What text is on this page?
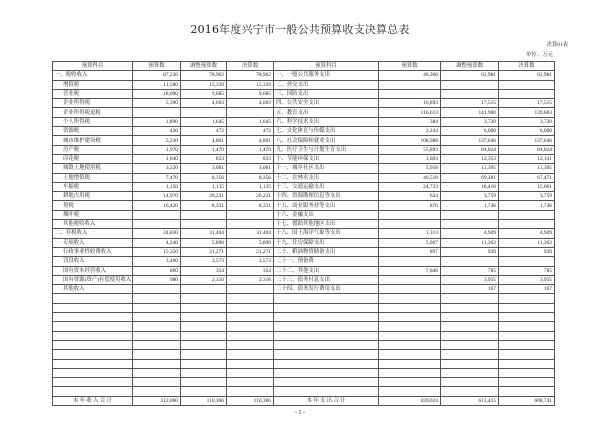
2016年度兴宁市一般公共预算收支决算总表
决算01表
单位：万元
预算科目	预算数	调整预算数	决算数	预算科目	预算数	调整预算数	决算数
一、税收收入	87,230	78,962	78,962	一、一般公共服务支出	46,306	62,981	62,981
增值税	11,580	15,339	15,339	二、外交支出			
营业税	18,090	9,685	9,685	三、国防支出			
企业所得税	5,390	4,603	4,603	四、公共安全支出	16,893	17,515	17,515
企业所得税退税				五、教育支出	116,613	141,900	139,603
个人所得税	1,890	1,645	1,645	六、科学技术支出	384	3,720	3,720
资源税	430	472	472	七、文化体育与传媒支出	2,244	6,060	6,060
城市维护建设税	5,230	4,801	4,801	八、社会保障和就业支出	108,986	137,646	137,646
房产税	1,970	1,470	1,470	九、医疗卫生与计划生育支出	55,893	84,824	84,824
印花税	1,040	833	833	十、节能环保支出	1,603	12,353	12,141
城镇土地使用税	3,220	3,081	3,081	十一、城乡社区支出	5,958	13,395	13,395
土地增值税	7,470	8,356	8,356	十二、农林水支出	46,518	69,281	67,471
车船税	1,150	1,135	1,135	十三、交通运输支出	24,733	18,416	15,061
耕地占用税	14,970	20,231	20,231	十四、资源勘探信息等支出	624	3,759	3,759
契税	16,420	8,331	8,331	十五、商业服务业等支出	870	1,746	1,746
烟叶税				十六、金融支出			
其他税收收入				十七、援助其他地区支出			
二、非税收入	24,830	31,404	31,404	十八、国土海洋气象等支出	1,313	4,949	4,949
专项收入	4,240	5,890	5,890	十九、住房保障支出	5,007	11,363	11,363
行政事业性收费收入	15,350	21,271	21,271	二十、粮油物资储备支出	897	920	920
罚没收入	3,460	3,573	3,573	二十一、预备费			
国有资本经营收入	800	354	354	二十二、其他支出	7,646	785	785
国有资源(资产)有偿使用收入	980	2,316	2,316	二十三、债务付息支出		3,935	3,935
其他收入				二十四、债务发行费用支出		167	167

本 年 收 入 合 计	112,060	110,366	110,366	本 年 支 出 合 计	439,024	613,415	608,741
- 1 -
